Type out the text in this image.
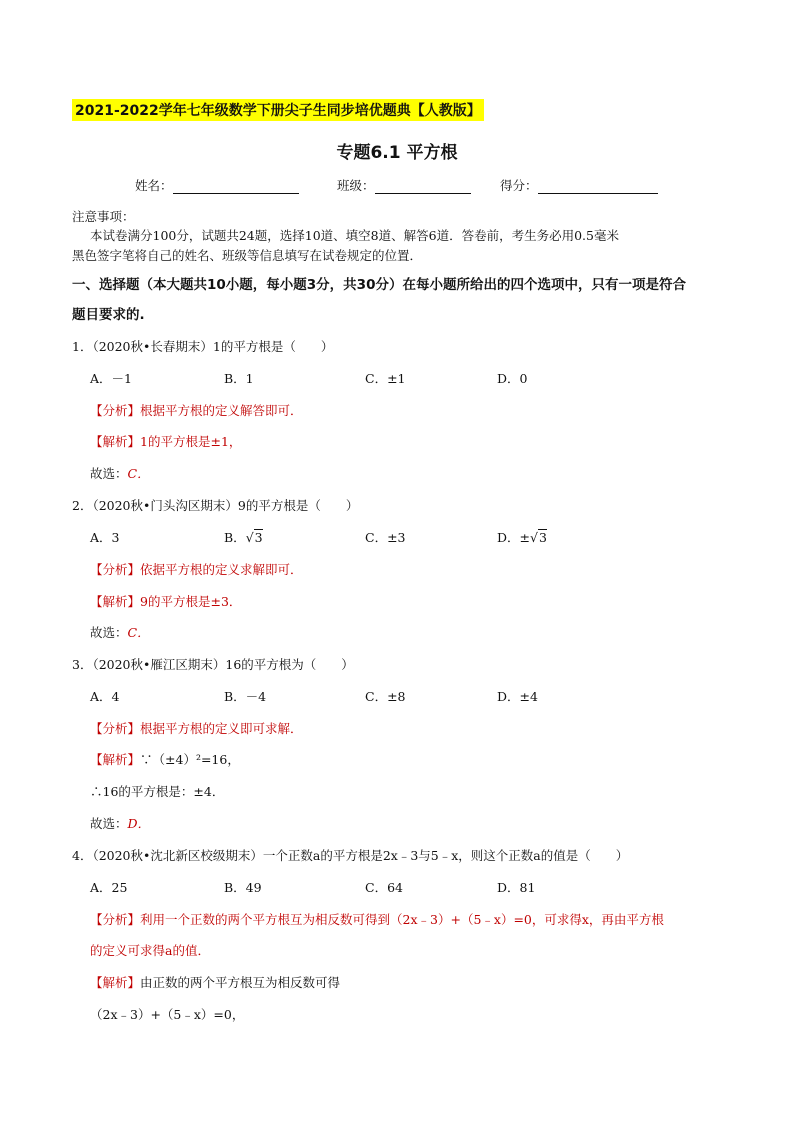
2021-2022学年七年级数学下册尖子生同步培优题典【人教版】
专题6.1 平方根
姓名：	班级：	得分：
注意事项：
本试卷满分100分，试题共24题，选择10道、填空8道、解答6道．答卷前，考生务必用0.5毫米
黑色签字笔将自己的姓名、班级等信息填写在试卷规定的位置．
一、选择题（本大题共10小题，每小题3分，共30分）在每小题所给出的四个选项中，只有一项是符合
题目要求的.
1．（2020秋•长春期末）1的平方根是（　　）
A．－1	B．1	C．±1	D．0
【分析】根据平方根的定义解答即可．
【解析】1的平方根是±1，
故选：C．
2．（2020秋•门头沟区期末）9的平方根是（　　）
A．3	B．√3	C．±3	D．±√3
【分析】依据平方根的定义求解即可．
【解析】9的平方根是±3．
故选：C．
3．（2020秋•雁江区期末）16的平方根为（　　）
A．4	B．－4	C．±8	D．±4
【分析】根据平方根的定义即可求解．
【解析】∵（±4）²=16，
∴16的平方根是：±4．
故选：D．
4．（2020秋•沈北新区校级期末）一个正数a的平方根是2x﹣3与5﹣x，则这个正数a的值是（　　）
A．25	B．49	C．64	D．81
【分析】利用一个正数的两个平方根互为相反数可得到（2x﹣3）+（5﹣x）=0，可求得x，再由平方根
的定义可求得a的值．
【解析】由正数的两个平方根互为相反数可得
（2x﹣3）+（5﹣x）=0，
